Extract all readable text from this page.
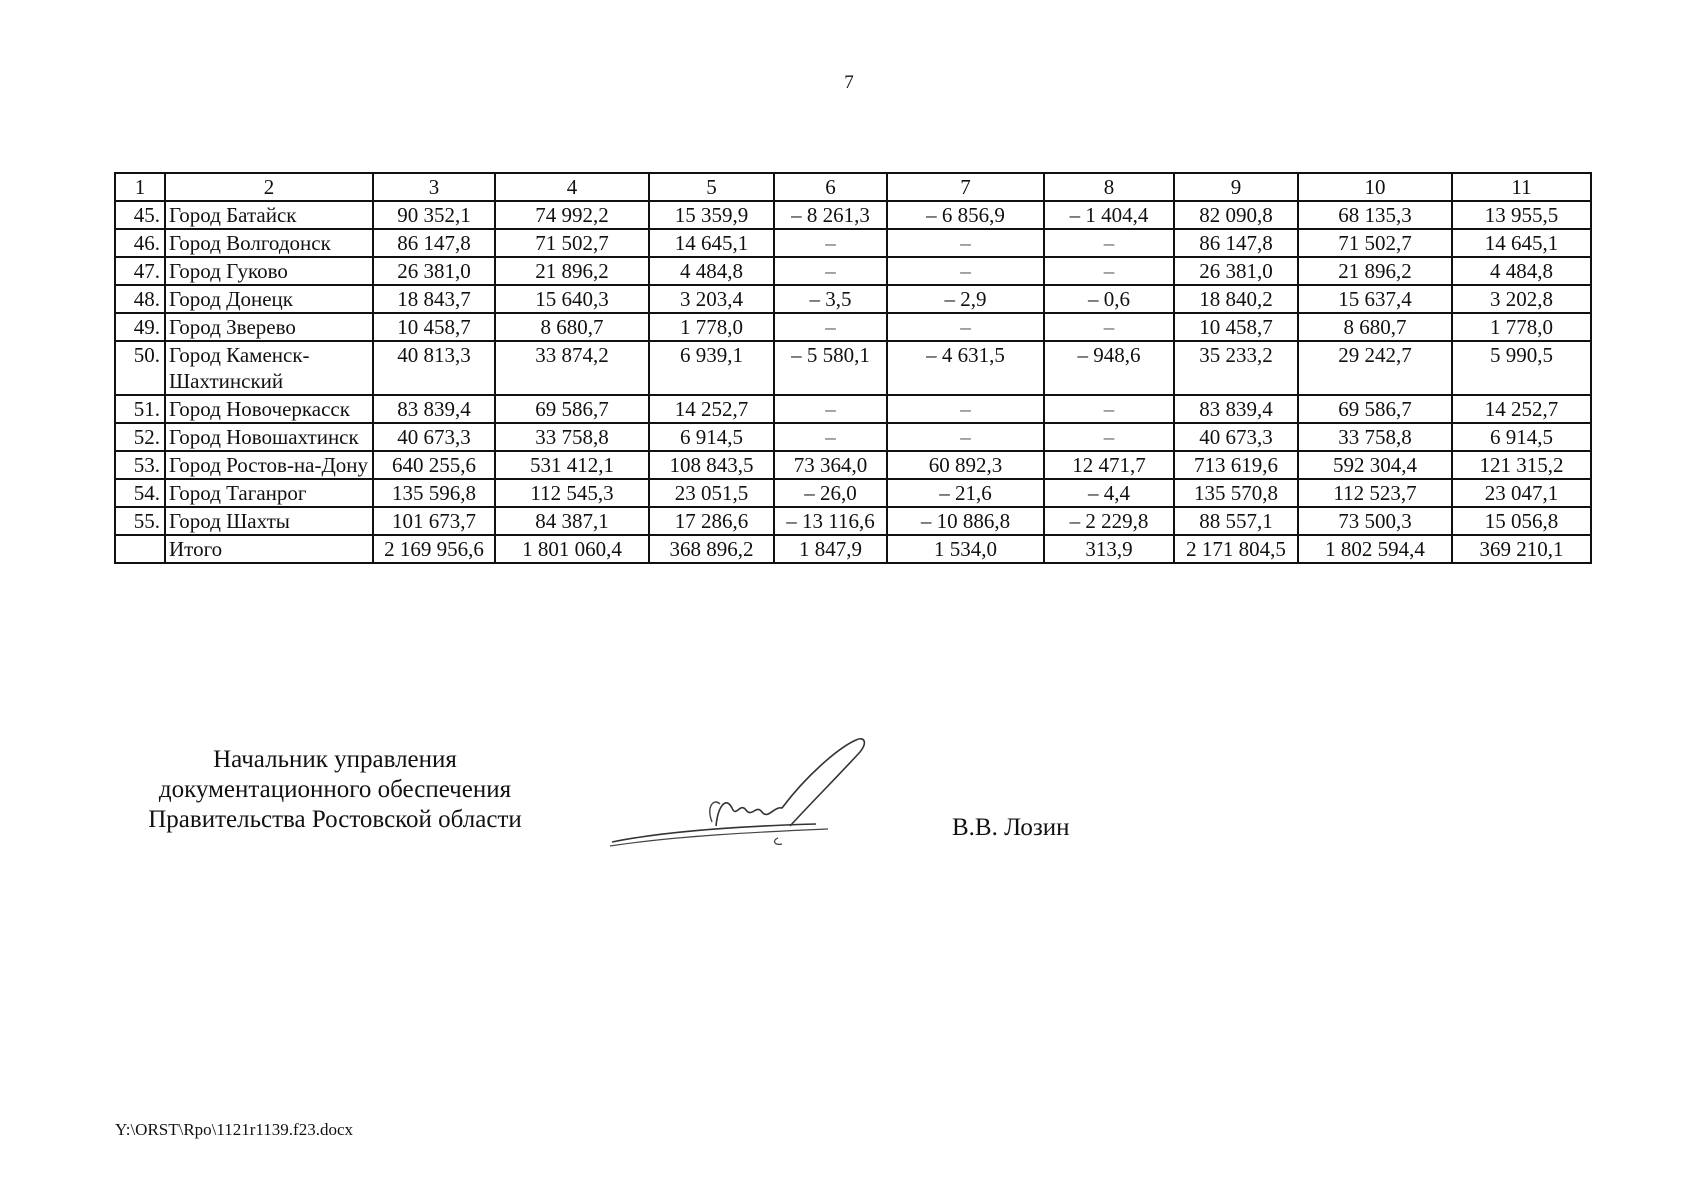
7
1	2	3	4	5	6	7	8	9	10	11
45.	Город Батайск	90 352,1	74 992,2	15 359,9	– 8 261,3	– 6 856,9	– 1 404,4	82 090,8	68 135,3	13 955,5
46.	Город Волгодонск	86 147,8	71 502,7	14 645,1	–	–	–	86 147,8	71 502,7	14 645,1
47.	Город Гуково	26 381,0	21 896,2	4 484,8	–	–	–	26 381,0	21 896,2	4 484,8
48.	Город Донецк	18 843,7	15 640,3	3 203,4	– 3,5	– 2,9	– 0,6	18 840,2	15 637,4	3 202,8
49.	Город Зверево	10 458,7	8 680,7	1 778,0	–	–	–	10 458,7	8 680,7	1 778,0
50.	Город Каменск-Шахтинский	40 813,3	33 874,2	6 939,1	– 5 580,1	– 4 631,5	– 948,6	35 233,2	29 242,7	5 990,5
51.	Город Новочеркасск	83 839,4	69 586,7	14 252,7	–	–	–	83 839,4	69 586,7	14 252,7
52.	Город Новошахтинск	40 673,3	33 758,8	6 914,5	–	–	–	40 673,3	33 758,8	6 914,5
53.	Город Ростов-на-Дону	640 255,6	531 412,1	108 843,5	73 364,0	60 892,3	12 471,7	713 619,6	592 304,4	121 315,2
54.	Город Таганрог	135 596,8	112 545,3	23 051,5	– 26,0	– 21,6	– 4,4	135 570,8	112 523,7	23 047,1
55.	Город Шахты	101 673,7	84 387,1	17 286,6	– 13 116,6	– 10 886,8	– 2 229,8	88 557,1	73 500,3	15 056,8
	Итого	2 169 956,6	1 801 060,4	368 896,2	1 847,9	1 534,0	313,9	2 171 804,5	1 802 594,4	369 210,1
Начальник управления
документационного обеспечения
Правительства Ростовской области	В.В. Лозин
Y:\ORST\Rpo\1121r1139.f23.docx
